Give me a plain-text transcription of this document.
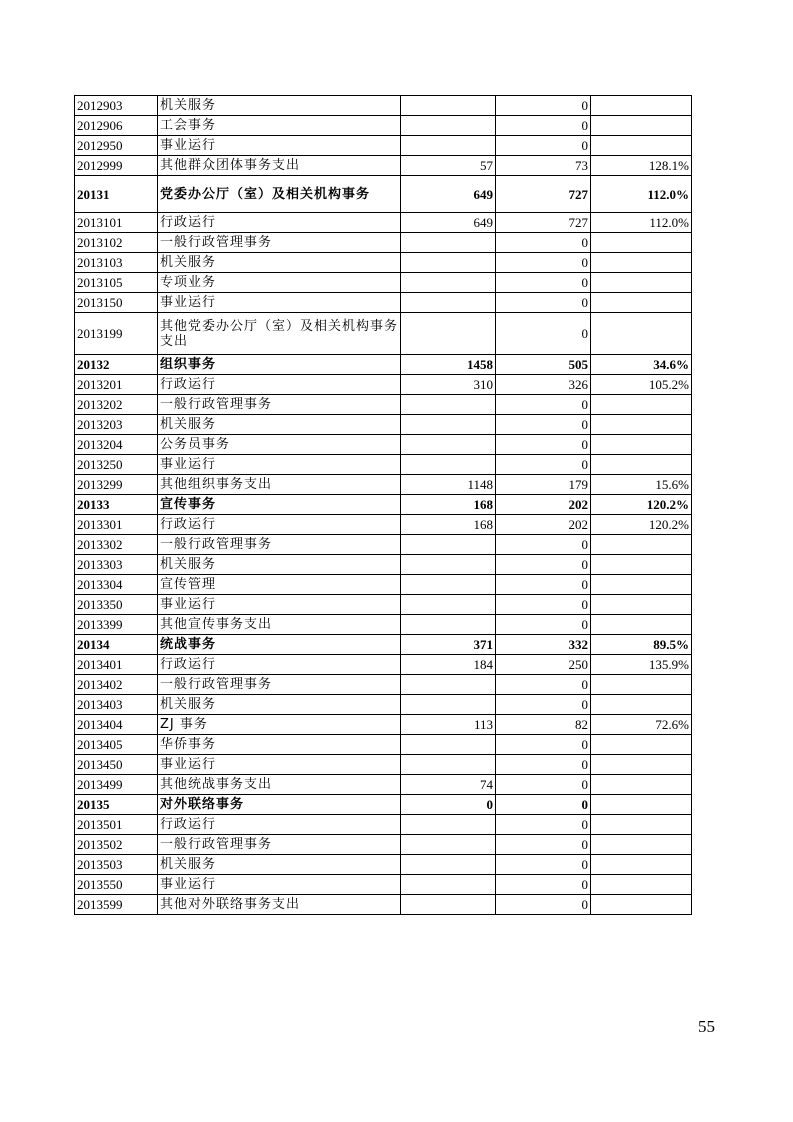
2012903	机关服务		0	
2012906	工会事务		0	
2012950	事业运行		0	
2012999	其他群众团体事务支出	57	73	128.1%
20131	党委办公厅（室）及相关机构事务	649	727	112.0%
2013101	行政运行	649	727	112.0%
2013102	一般行政管理事务		0	
2013103	机关服务		0	
2013105	专项业务		0	
2013150	事业运行		0	
2013199	其他党委办公厅（室）及相关机构事务支出		0	
20132	组织事务	1458	505	34.6%
2013201	行政运行	310	326	105.2%
2013202	一般行政管理事务		0	
2013203	机关服务		0	
2013204	公务员事务		0	
2013250	事业运行		0	
2013299	其他组织事务支出	1148	179	15.6%
20133	宣传事务	168	202	120.2%
2013301	行政运行	168	202	120.2%
2013302	一般行政管理事务		0	
2013303	机关服务		0	
2013304	宣传管理		0	
2013350	事业运行		0	
2013399	其他宣传事务支出		0	
20134	统战事务	371	332	89.5%
2013401	行政运行	184	250	135.9%
2013402	一般行政管理事务		0	
2013403	机关服务		0	
2013404	ZJ 事务	113	82	72.6%
2013405	华侨事务		0	
2013450	事业运行		0	
2013499	其他统战事务支出	74	0	
20135	对外联络事务	0	0	
2013501	行政运行		0	
2013502	一般行政管理事务		0	
2013503	机关服务		0	
2013550	事业运行		0	
2013599	其他对外联络事务支出		0	
55
